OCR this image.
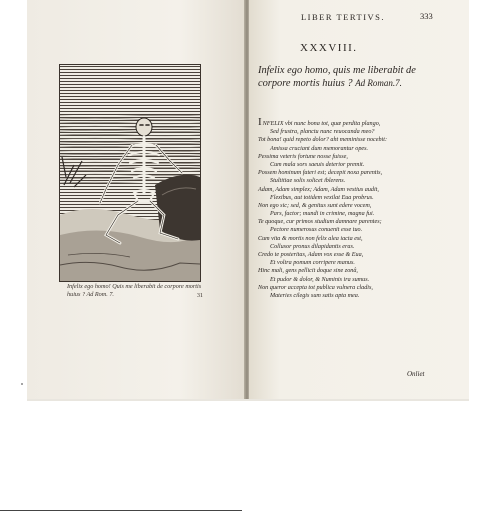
Infelix ego homo! Quis me liberabit de corpore mortis huius ? Ad Rom. 7.	31
LIBER TERTIVS.	333
XXXVIII.
Infelix ego homo, quis me liberabit de corpore mortis huius ? Ad Roman.7.
INFELIX vbi nunc bona tot, quæ perdita plango,
Sed frustra, planctu nunc reuocanda meo?
Tot bona! quid repeto dolor? aht meminisse nocebit:
Amissa cruciant dum memorantur opes.
Pessima veteris fortune nosse fuisse,
Cum mala sors saeuis deterior premit.
Possem hominum fateri est; decepit noxa parentis,
Stultitiae solis solicet iblerens.
Adam, Adam simplex; Adam, Adam vestius audit,
Flexibus, aut totidem vexilat Eua probrus.
Non ego sic; sed, & genitus sunt edere vocem,
Pars, factor; mundi in crimine, magna fui.
Te quoque, cur primos studium damnare parentes;
Pectore numerosus conuenit esse tuo.
Cum vita & mortis non felix alea iacta est,
Collusor pronus dilapidantis eras.
Credo te posteritas, Adam vox esse & Eua,
Et voltra pomum corripere manus.
Hinc mali, gens pellicit doque sine zonâ,
Et pudor & dolor, & Numinis ira sumus.
Non queror accepta tot publica vulnera cladis,
Materies cilegis sum satis apta mea.
Onliet
